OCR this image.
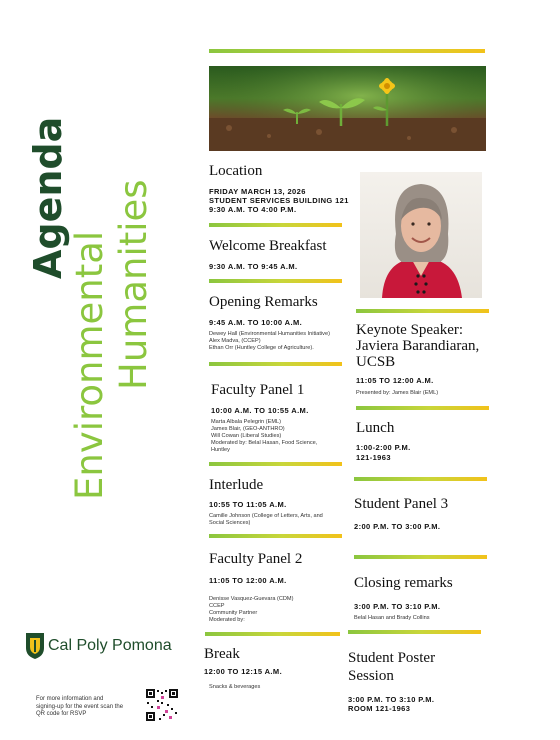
Agenda
Environmental Humanities
Location
FRIDAY MARCH 13, 2026
STUDENT SERVICES BUILDING 121
9:30 A.M. TO 4:00 P.M.
Welcome Breakfast
9:30 A.M. TO 9:45 A.M.
Opening Remarks
9:45 A.M. TO 10:00 A.M.
Dewey Hall (Environmental Humanities Initiative)
Alex Madva, (CCEP)
Ethan Orr (Huntley College of Agriculture).
Faculty Panel 1
10:00 A.M. TO 10:55 A.M.
Marta Albala Pelegrin (EML)
James Blair, (GEO-ANTHRO)
Will Cowan (Liberal Studies)
Moderated by: Belal Hasan, Food Science,
Huntley
Interlude
10:55 TO 11:05 A.M.
Camille Johnson (College of Letters, Arts, and
Social Sciences)
Faculty Panel 2
11:05 TO 12:00 A.M.
Denisse Vasquez-Guevara (CDM)
CCEP
Community Partner
Moderated by:
Break
12:00 TO 12:15 A.M.
Snacks & beverages
Keynote Speaker:
Javiera Barandiaran,
UCSB
11:05 TO 12:00 A.M.
Presented by: James Blair (EML)
Lunch
1:00-2:00 P.M.
121-1963
Student Panel 3
2:00 P.M. TO 3:00 P.M.
Closing remarks
3:00 P.M. TO 3:10 P.M.
Belal Hasan and Brady Collins
Student Poster
Session
3:00 P.M. TO 3:10 P.M.
ROOM 121-1963
Cal Poly Pomona
For more information and
signing-up for the event scan the
QR code for RSVP
